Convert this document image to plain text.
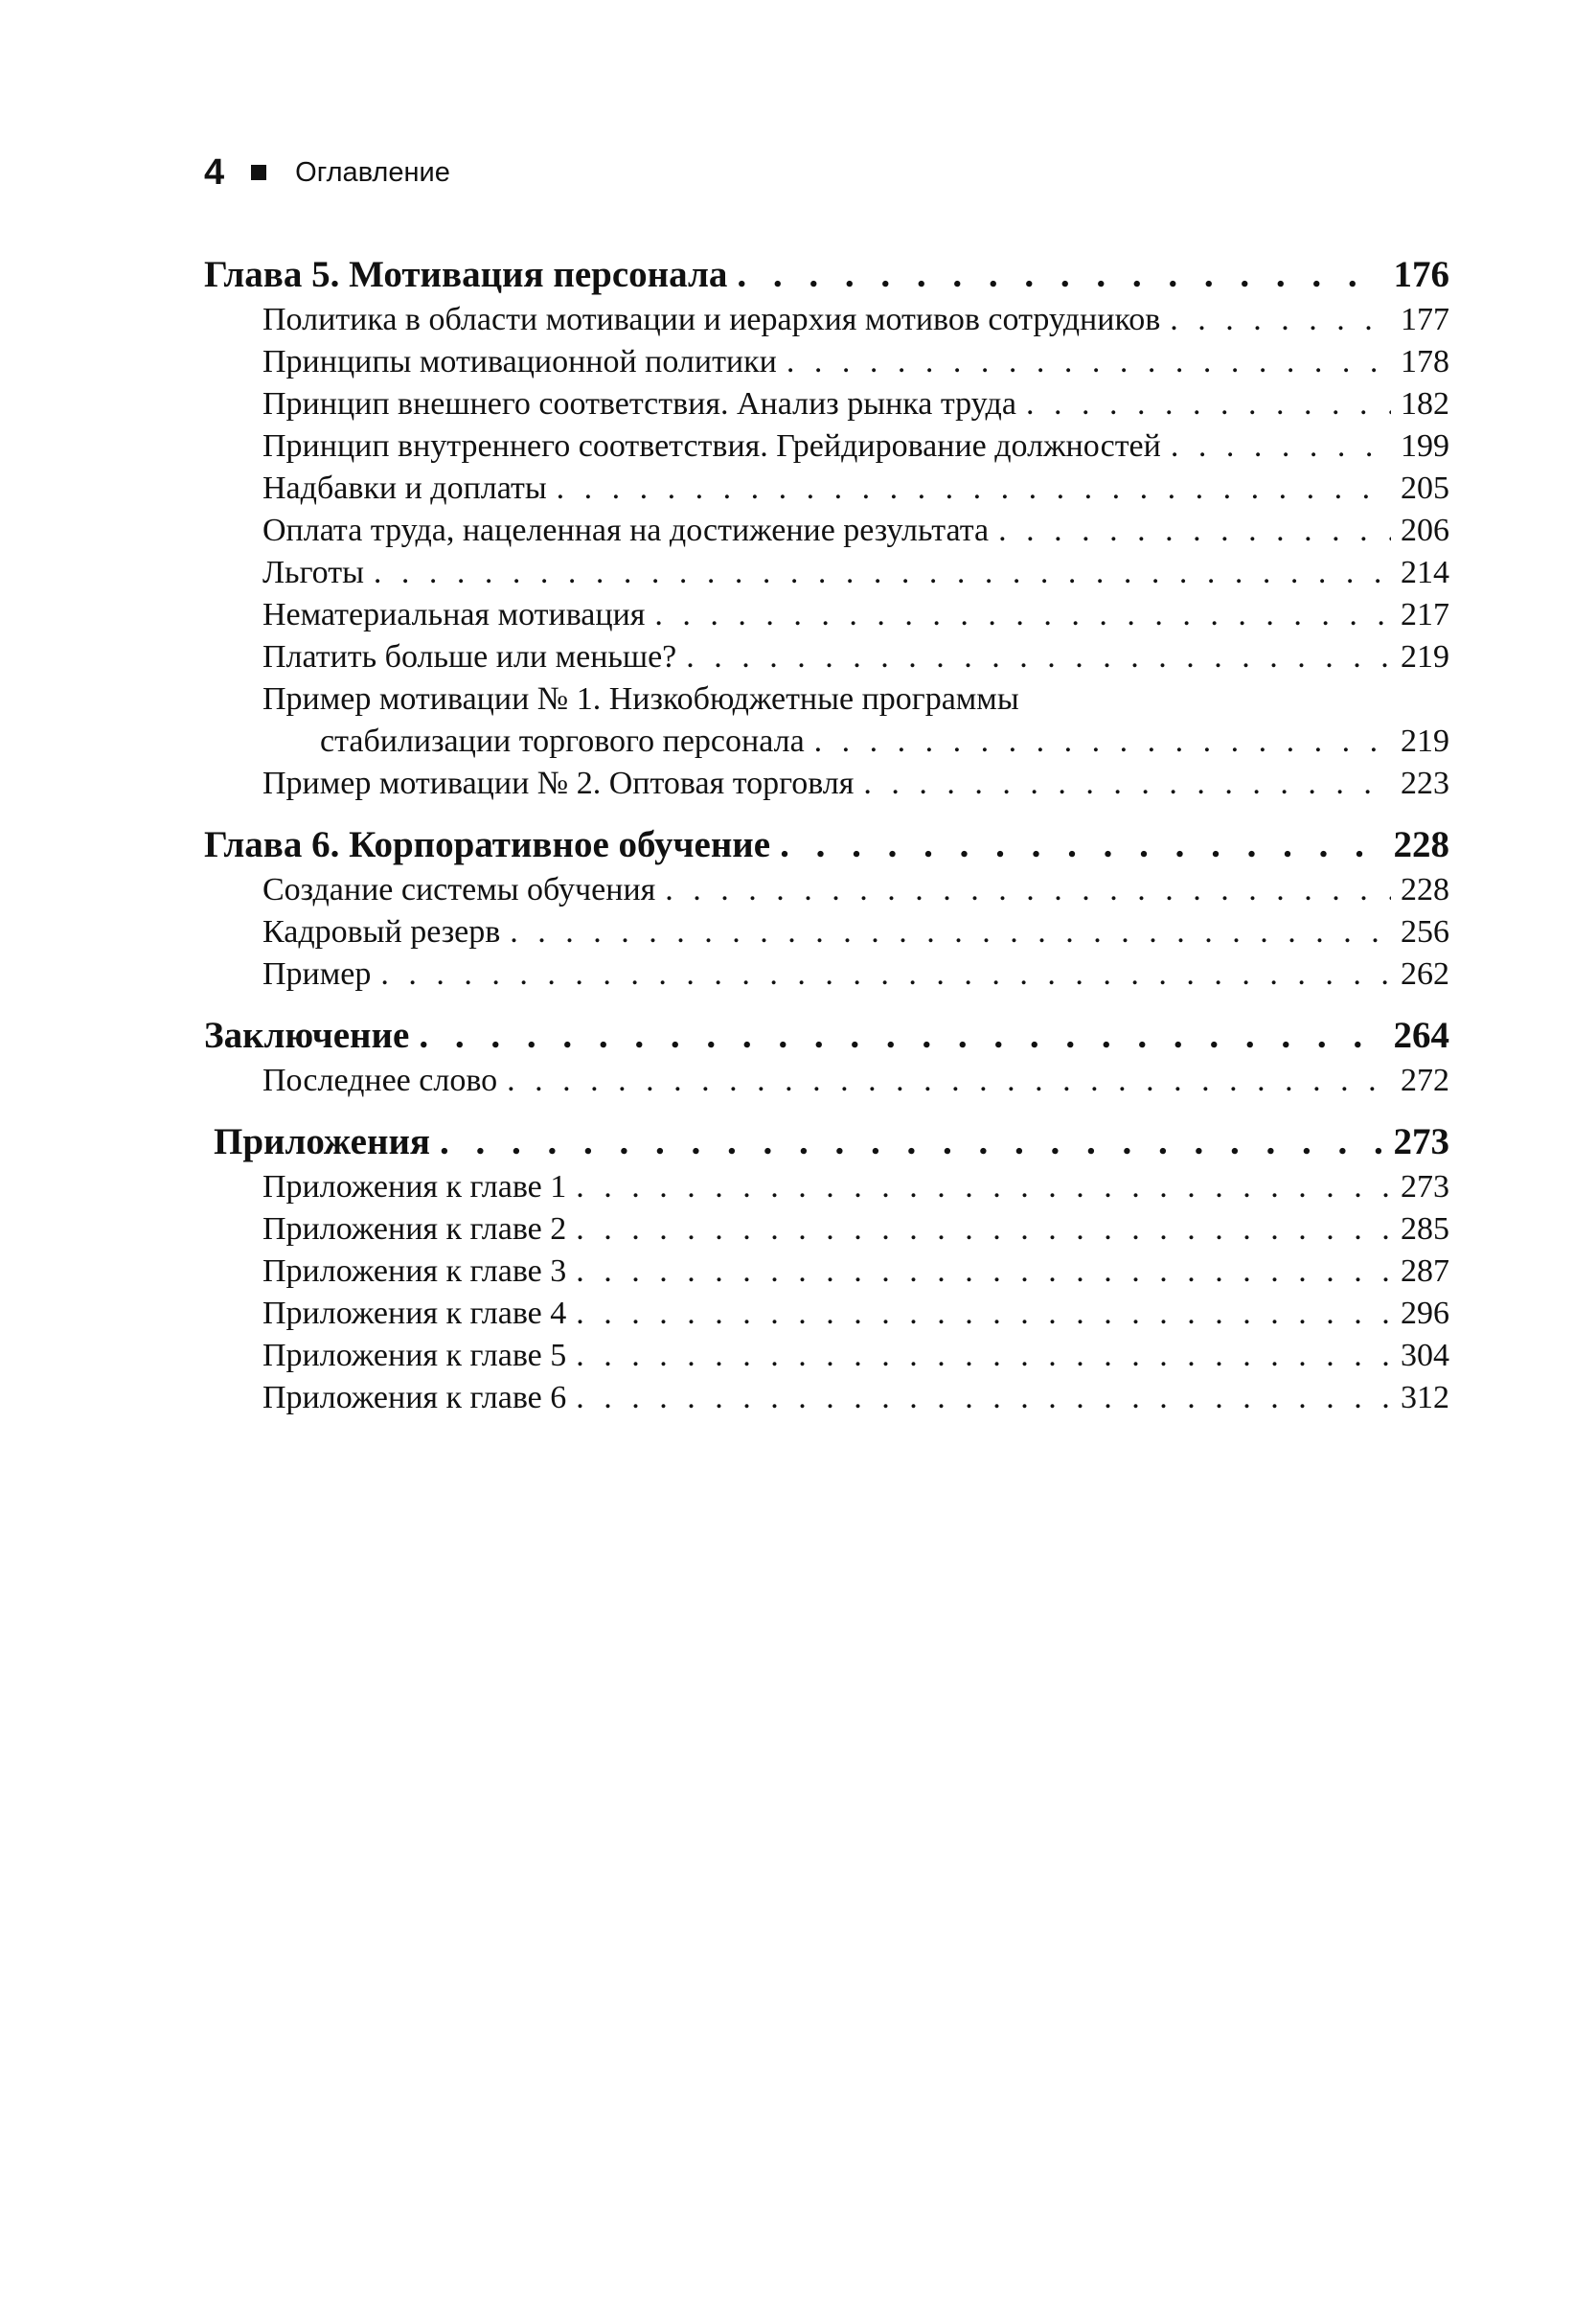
4	Оглавление
Глава 5. Мотивация персонала . . .	176
Политика в области мотивации и иерархия мотивов сотрудников . . .	177
Принципы мотивационной политики . . .	178
Принцип внешнего соответствия. Анализ рынка труда . . .	182
Принцип внутреннего соответствия. Грейдирование должностей . . .	199
Надбавки и доплаты . . .	205
Оплата труда, нацеленная на достижение результата . . .	206
Льготы . . .	214
Нематериальная мотивация . . .	217
Платить больше или меньше? . . .	219
Пример мотивации № 1. Низкобюджетные программы
стабилизации торгового персонала . . .	219
Пример мотивации № 2. Оптовая торговля . . .	223
Глава 6. Корпоративное обучение . . .	228
Создание системы обучения . . .	228
Кадровый резерв . . .	256
Пример . . .	262
Заключение . . .	264
Последнее слово . . .	272
Приложения . . .	273
Приложения к главе 1 . . .	273
Приложения к главе 2 . . .	285
Приложения к главе 3 . . .	287
Приложения к главе 4 . . .	296
Приложения к главе 5 . . .	304
Приложения к главе 6 . . .	312
